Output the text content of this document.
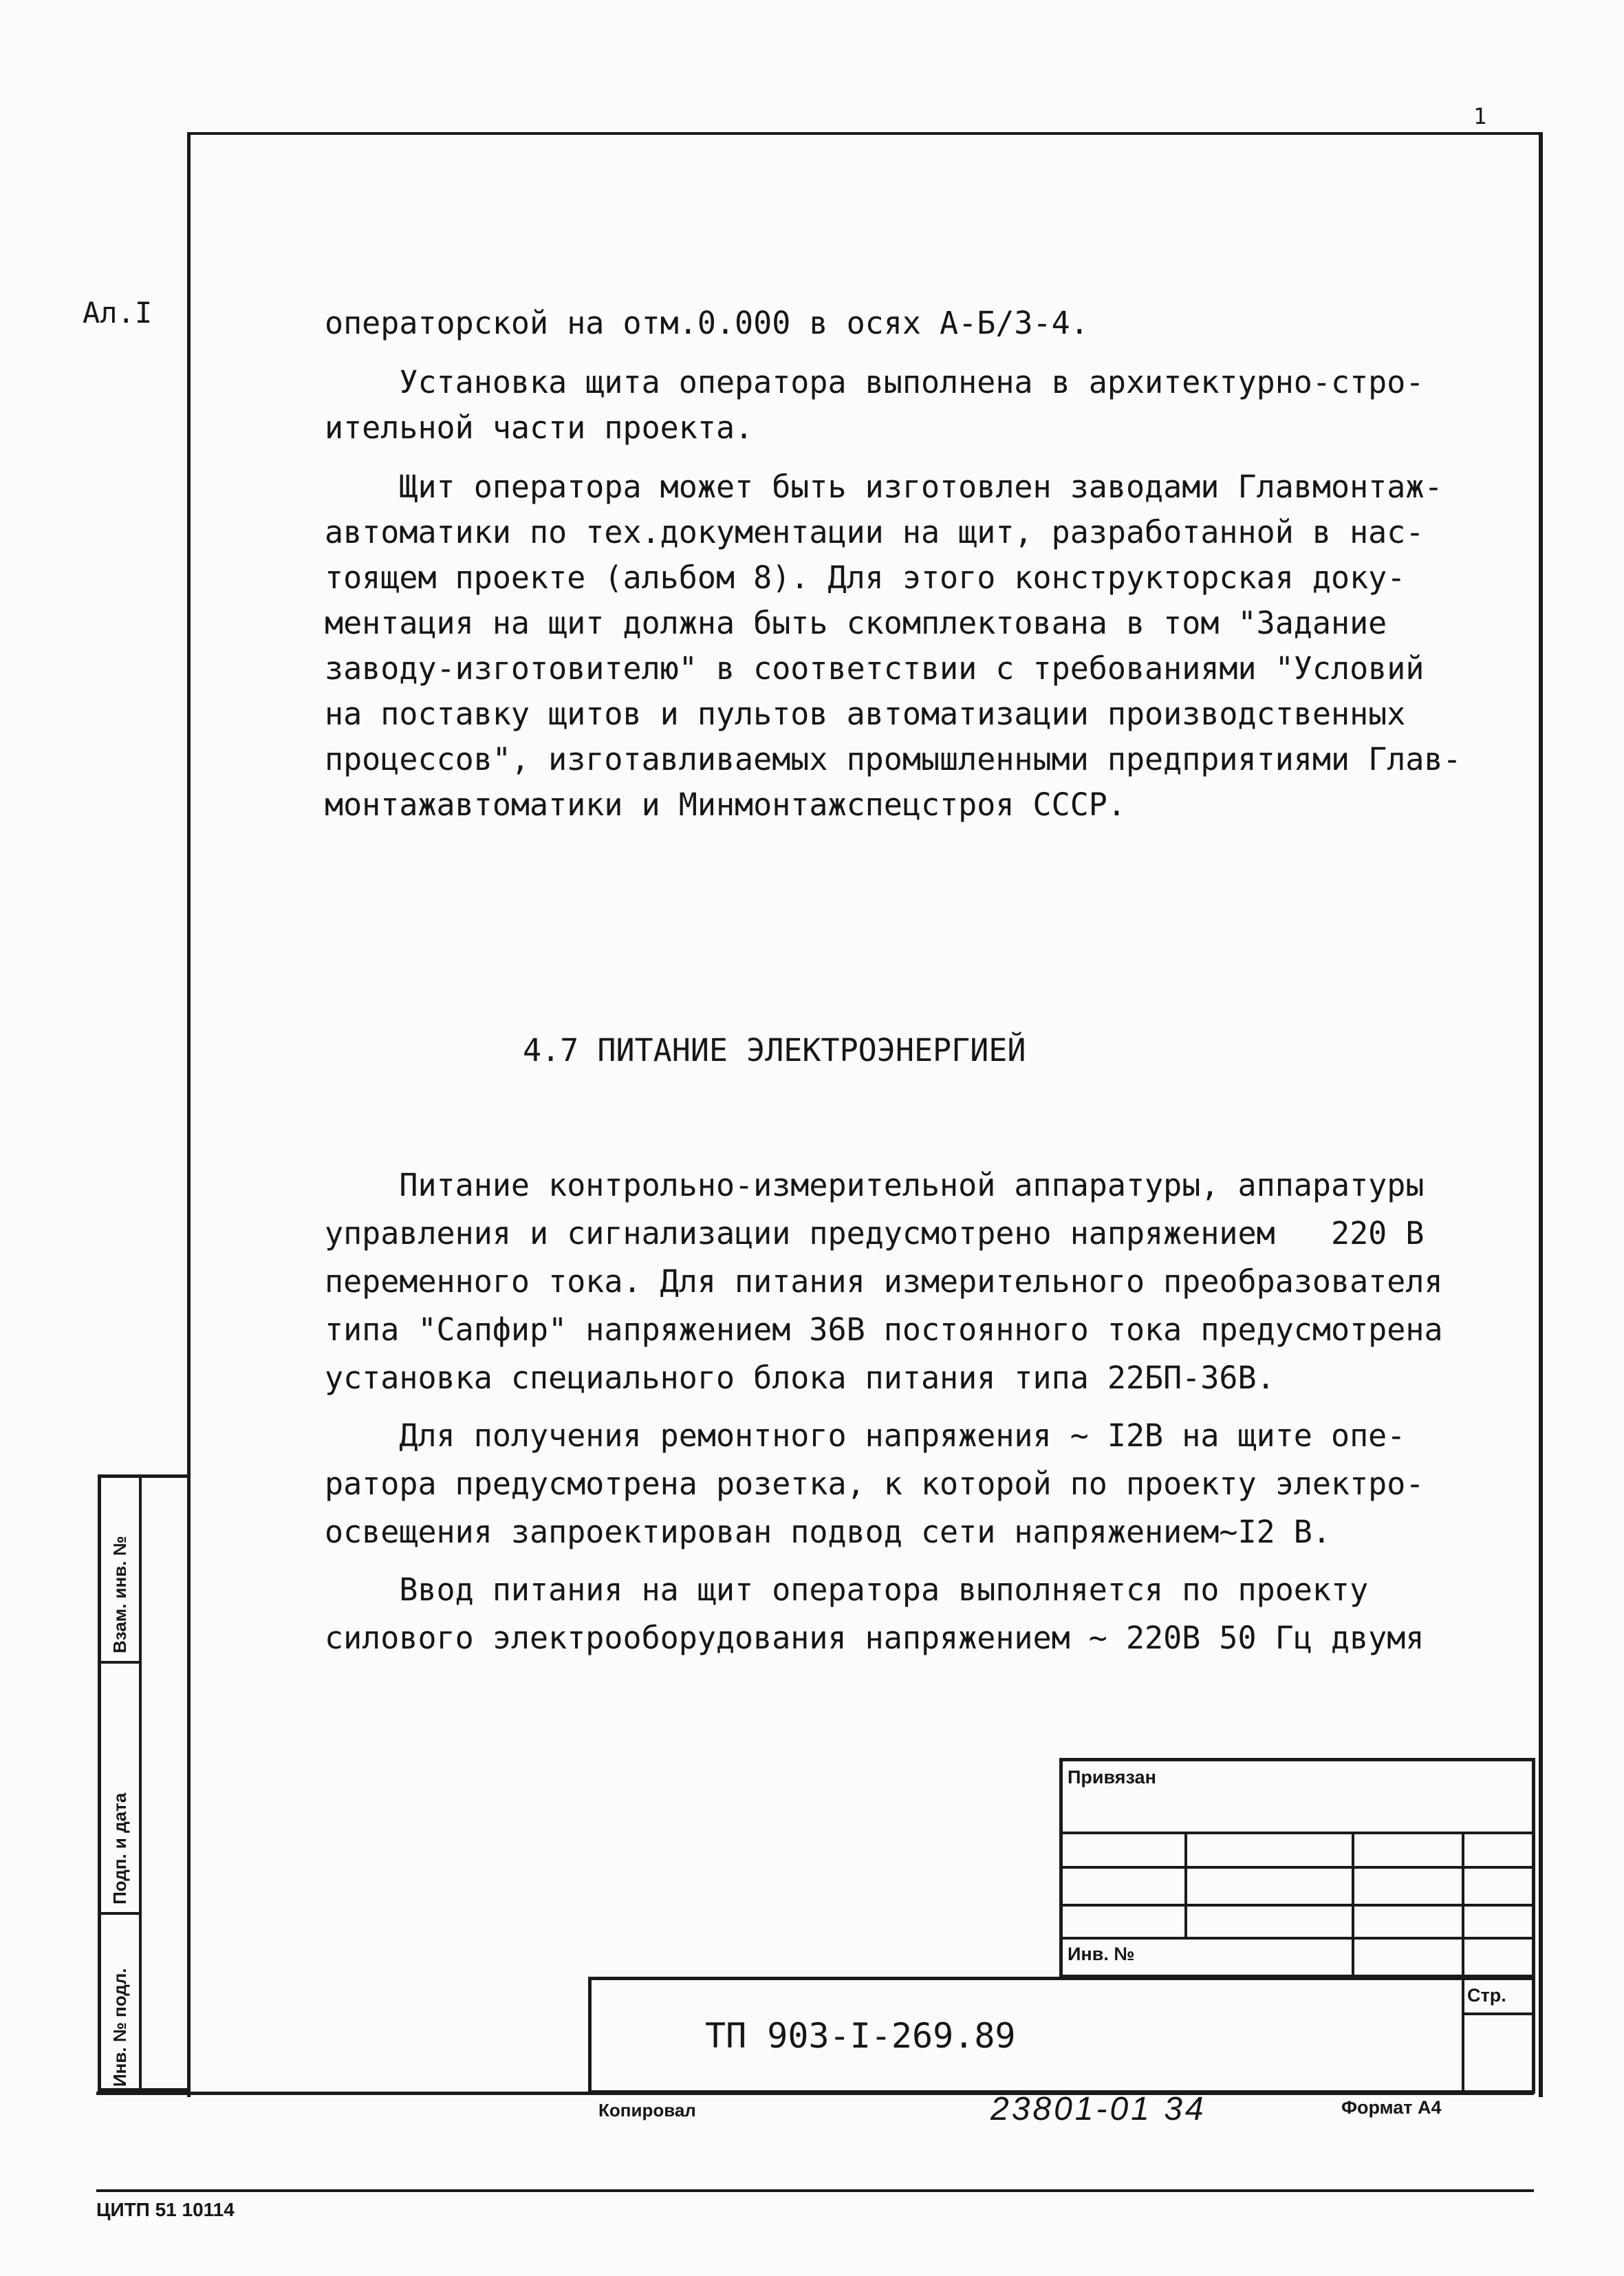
1
Ал.I	операторской на отм.0.000 в осях А-Б/3-4.
Установка щита оператора выполнена в архитектурно-стро-
ительной части проекта.
Щит оператора может быть изготовлен заводами Главмонтаж-
автоматики по тех.документации на щит, разработанной в нас-
тоящем проекте (альбом 8). Для этого конструкторская доку-
ментация на щит должна быть скомплектована в том "Задание
заводу-изготовителю" в соответствии с требованиями "Условий
на поставку щитов и пультов автоматизации производственных
процессов", изготавливаемых промышленными предприятиями Глав-
монтажавтоматики и Минмонтажспецстроя СССР.
4.7 ПИТАНИЕ ЭЛЕКТРОЭНЕРГИЕЙ
Питание контрольно-измерительной аппаратуры, аппаратуры
управления и сигнализации предусмотрено напряжением   220 В
переменного тока. Для питания измерительного преобразователя
типа "Сапфир" напряжением 36В постоянного тока предусмотрена
установка специального блока питания типа 22БП-36В.
Для получения ремонтного напряжения ~ I2В на щите опе-
ратора предусмотрена розетка, к которой по проекту электро-
освещения запроектирован подвод сети напряжением~I2 В.
Ввод питания на щит оператора выполняется по проекту
силового электрооборудования напряжением ~ 220В 50 Гц двумя
Взам. инв. №
Подп. и дата
Инв. № подл.
Привязан
Инв. №
Стр.
ТП 903-I-269.89
Копировал	23801-01 34	Формат А4
ЦИТП 51 10114
